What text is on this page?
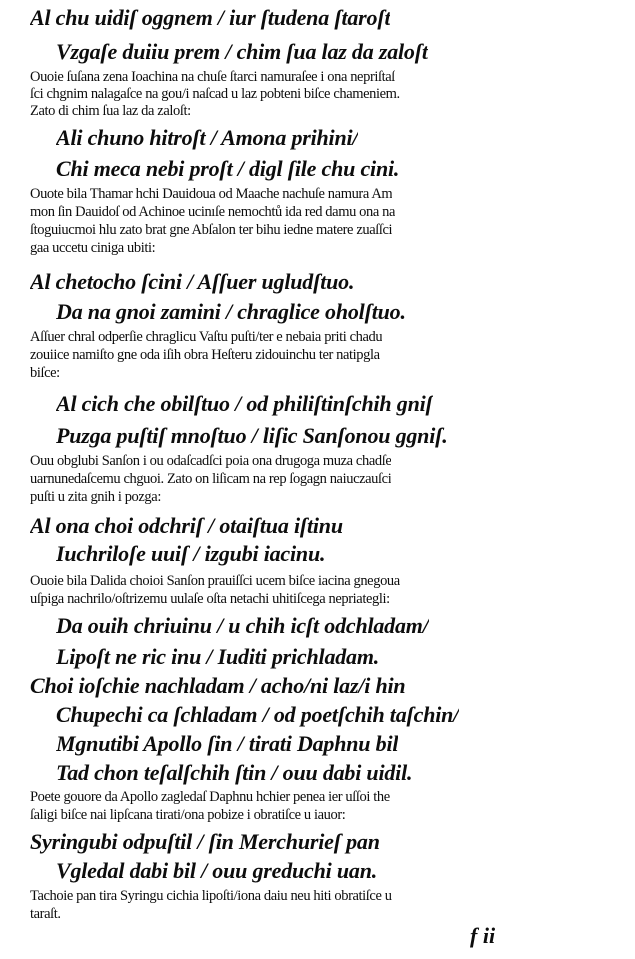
Al chu uidiſ oggnem / iur ſtudena ſtaroſt
Vzgaſe duiiu prem / chim ſua laz da zaloſt
Ouoie ſuſana zena Ioachina na chuſe ſtarci namuraſee i ona nepriſtaſ
ſci chgnim nalagaſce na gou/i naſcad u laz pobteni biſce chameniem.
Zato di chim ſua laz da zaloſt:
Ali chuno hitroſt / Amona prihini/
Chi meca nebi proſt / digl ſile chu cini.
Ouote bila Thamar hchi Dauidoua od Maache nachuſe namura Am
mon ſin Dauidoſ od Achinoe ucinıſe nemochtů ida red damu ona na
ſtoguiucmoi hlu zato brat gne Abſalon ter bihu iedne matere zuaſſci
gaa uccetu ciniga ubiti:
Al chetocho ſcini / Aſſuer ugludſtuo.
Da na gnoi zamini / chraglice oholſtuo.
Aſſuer chral odperſie chraglicu Vaſtu puſti/ter e nebaia priti chadu
zouiice namiſto gne oda iſih obra Heſteru zidouinchu ter natipgla
biſce:
Al cich che obilſtuo / od philiſtinſchih gniſ
Puzga puſtiſ mnoſtuo / liſic Sanſonou ggniſ.
Ouu obglubi Sanſon i ou odaſcadſci poia ona drugoga muza chadſe
uarnunedaſcemu chguoi. Zato on liſicam na rep ſogagn naiuczauſci
puſti u zita gnih i pozga:
Al ona choi odchriſ / otaiſtua iſtinu
Iuchriloſe uuiſ / izgubi iacinu.
Ouoie bila Dalida choioi Sanſon prauiſſci ucem biſce iacina gnegoua
uſpiga nachrilo/oſtrizemu uulaſe oſta netachi uhitiſcega nepriategli:
Da ouih chriuinu / u chih icſt odchladam/
Lipoſt ne ric inu / Iuditi prichladam.
Choi ioſchie nachladam / acho/ni laz/i hin
Chupechi ca ſchladam / od poetſchih taſchin/
Mgnutibi Apollo ſin / tirati Daphnu bil
Tad chon teſalſchih ſtin / ouu dabi uidil.
Poete gouore da Apollo zagledaſ Daphnu hchier penea ier uſſoi the
ſaligi biſce nai lipſcana tirati/ona pobize i obratiſce u iauor:
Syringubi odpuſtil / ſin Merchurieſ pan
Vgledal dabi bil / ouu greduchi uan.
Tachoie pan tira Syringu cichia lipoſti/iona daiu neu hiti obratiſce u
taraſt.
f ii
